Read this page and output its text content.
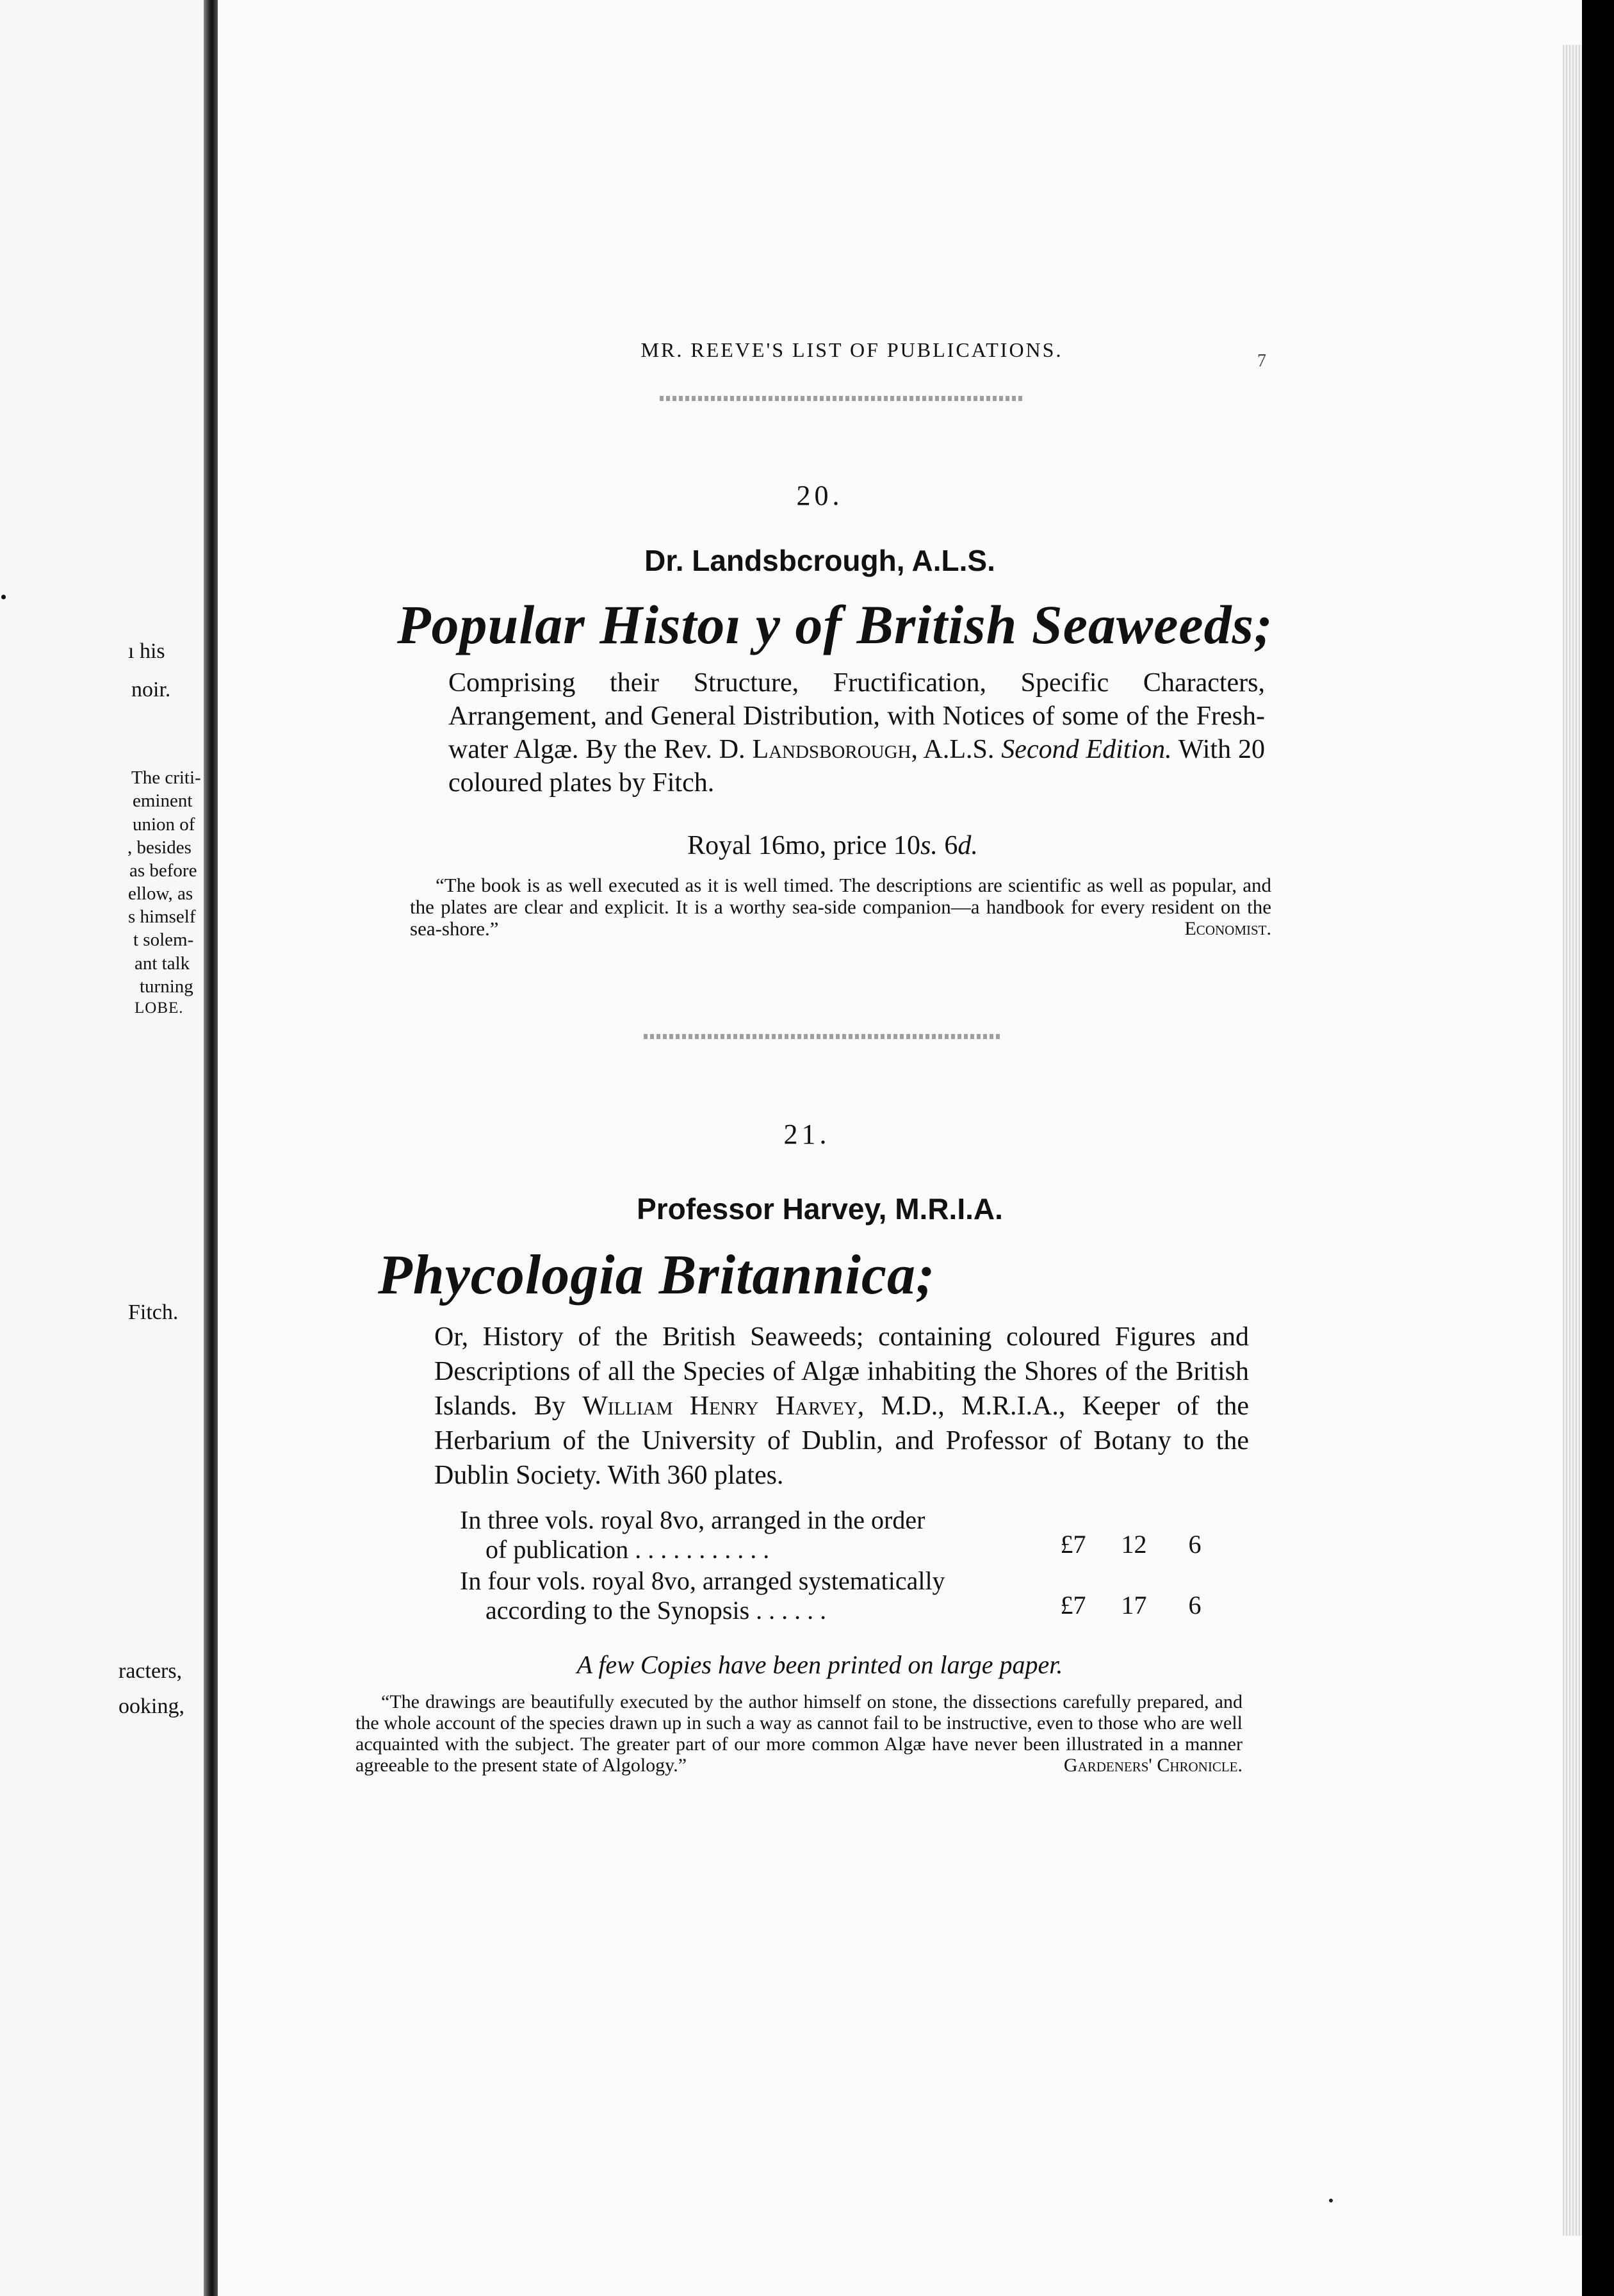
.
ı his
noir.
The criti-
eminent
union of
, besides
as before
ellow, as
s himself
t solem-
ant talk
turning
LOBE.
Fitch.
racters,
ooking,
MR. REEVE'S LIST OF PUBLICATIONS.	7
20.
Dr. Landsbcrough, A.L.S.
Popular Histoı y of British Seaweeds;
Comprising their Structure, Fructification, Specific Characters, Arrangement, and General Distribution, with Notices of some of the Fresh-water Algæ. By the Rev. D. Landsborough, A.L.S. Second Edition. With 20 coloured plates by Fitch.
Royal 16mo, price 10s. 6d.
“The book is as well executed as it is well timed. The descriptions are scientific as well as popular, and the plates are clear and explicit. It is a worthy sea-side companion—a handbook for every resident on the sea-shore.”	Economist.
21.
Professor Harvey, M.R.I.A.
Phycologia Britannica;
Or, History of the British Seaweeds; containing coloured Figures and Descriptions of all the Species of Algæ inhabiting the Shores of the British Islands. By William Henry Harvey, M.D., M.R.I.A., Keeper of the Herbarium of the University of Dublin, and Professor of Botany to the Dublin Society. With 360 plates.
In three vols. royal 8vo, arranged in the order
of publication . . . . . . . . . . .	£7	12	6
In four vols. royal 8vo, arranged systematically
according to the Synopsis . . . . . .	£7	17	6
A few Copies have been printed on large paper.
“The drawings are beautifully executed by the author himself on stone, the dissections carefully prepared, and the whole account of the species drawn up in such a way as cannot fail to be instructive, even to those who are well acquainted with the subject. The greater part of our more common Algæ have never been illustrated in a manner agreeable to the present state of Algology.”	Gardeners' Chronicle.
